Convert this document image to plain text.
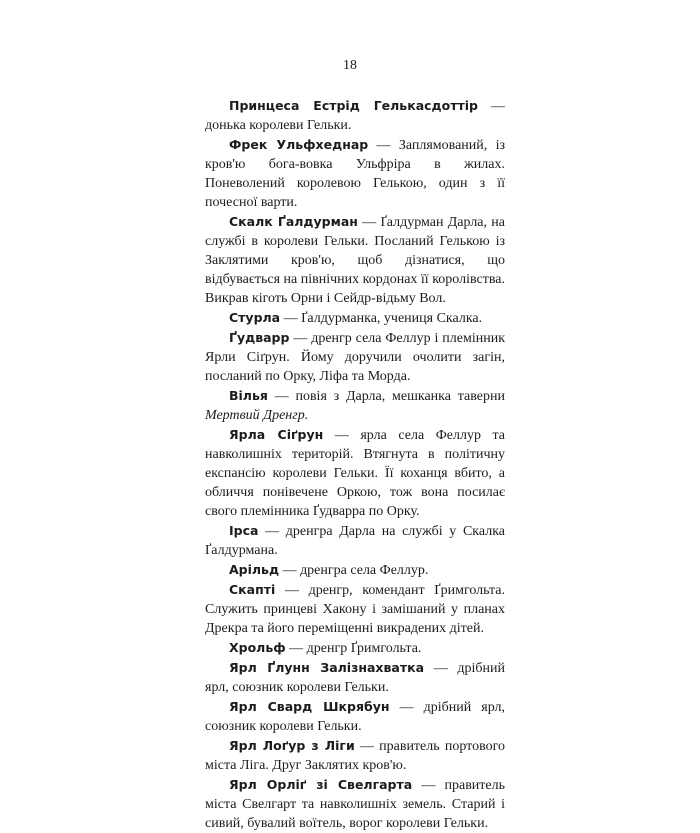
18

Принцеса Естрід Гелькасдоттір — донька королеви Гельки.

Фрек Ульфхеднар — Заплямований, із кров'ю бога-вовка Ульфріра в жилах. Поневолений королевою Гелькою, один з її почесної варти.

Скалк Ґалдурман — Ґалдурман Дарла, на службі в королеви Гельки. Посланий Гелькою із Заклятими кров'ю, щоб дізнатися, що відбувається на північних кордонах її королівства. Викрав кіготь Орни і Сейдр-відьму Вол.

Стурла — Ґалдурманка, учениця Скалка.

Ґудварр — дренгр села Феллур і племінник Ярли Сіґрун. Йому доручили очолити загін, посланий по Орку, Ліфа та Морда.

Вілья — повія з Дарла, мешканка таверни Мертвий Дренгр.

Ярла Сіґрун — ярла села Феллур та навколишніх територій. Втягнута в політичну експансію королеви Гельки. Її коханця вбито, а обличчя понівечене Оркою, тож вона посилає свого племінника Ґудварра по Орку.

Ірса — дренгра Дарла на службі у Скалка Ґалдурмана.

Арільд — дренгра села Феллур.

Скапті — дренгр, комендант Ґримгольта. Служить принцеві Хакону і замішаний у планах Дрекра та його переміщенні викрадених дітей.

Хрольф — дренгр Ґримгольта.

Ярл Ґлунн Залізнахватка — дрібний ярл, союзник королеви Гельки.

Ярл Свард Шкрябун — дрібний ярл, союзник королеви Гельки.

Ярл Лоґур з Ліги — правитель портового міста Ліга. Друг Заклятих кров'ю.

Ярл Орліґ зі Свелгарта — правитель міста Свелгарт та навколишніх земель. Старий і сивий, бувалий воїтель, ворог королеви Гельки.
